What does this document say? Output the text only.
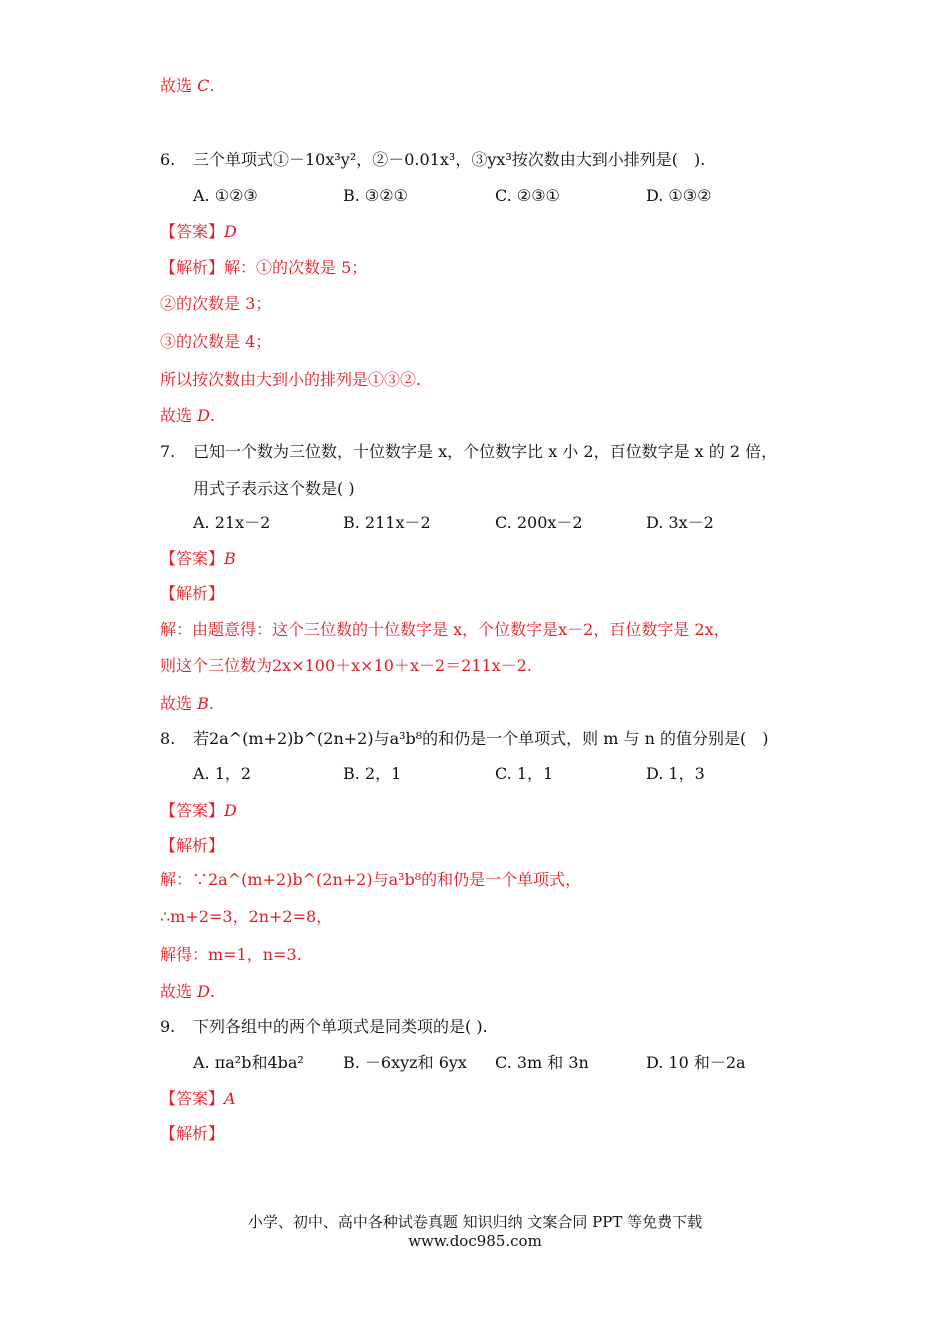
故选 C.
6. 三个单项式①－10x³y²，②－0.01x³，③yx³按次数由大到小排列是(　).
A. ①②③	B. ③②①	C. ②③①	D. ①③②
【答案】D
【解析】解：①的次数是 5；
②的次数是 3；
③的次数是 4；
所以按次数由大到小的排列是①③②.
故选 D.
7. 已知一个数为三位数，十位数字是 x，个位数字比 x 小 2，百位数字是 x 的 2 倍，
用式子表示这个数是( )
A. 21x－2	B. 211x－2	C. 200x－2	D. 3x－2
【答案】B
【解析】
解：由题意得：这个三位数的十位数字是 x，个位数字是x－2，百位数字是 2x，
则这个三位数为2x×100＋x×10＋x－2＝211x－2.
故选 B.
8. 若2a^(m+2)b^(2n+2)与a³b⁸的和仍是一个单项式，则 m 与 n 的值分别是(　)
A. 1，2	B. 2，1	C. 1，1	D. 1，3
【答案】D
【解析】
解：∵2a^(m+2)b^(2n+2)与a³b⁸的和仍是一个单项式，
∴m+2=3，2n+2=8，
解得：m=1，n=3.
故选 D.
9. 下列各组中的两个单项式是同类项的是( ).
A. πa²b和4ba² B. －6xyz和 6yx C. 3m 和 3n	D. 10 和－2a
【答案】A
【解析】
小学、初中、高中各种试卷真题 知识归纳 文案合同 PPT 等免费下载
www.doc985.com
